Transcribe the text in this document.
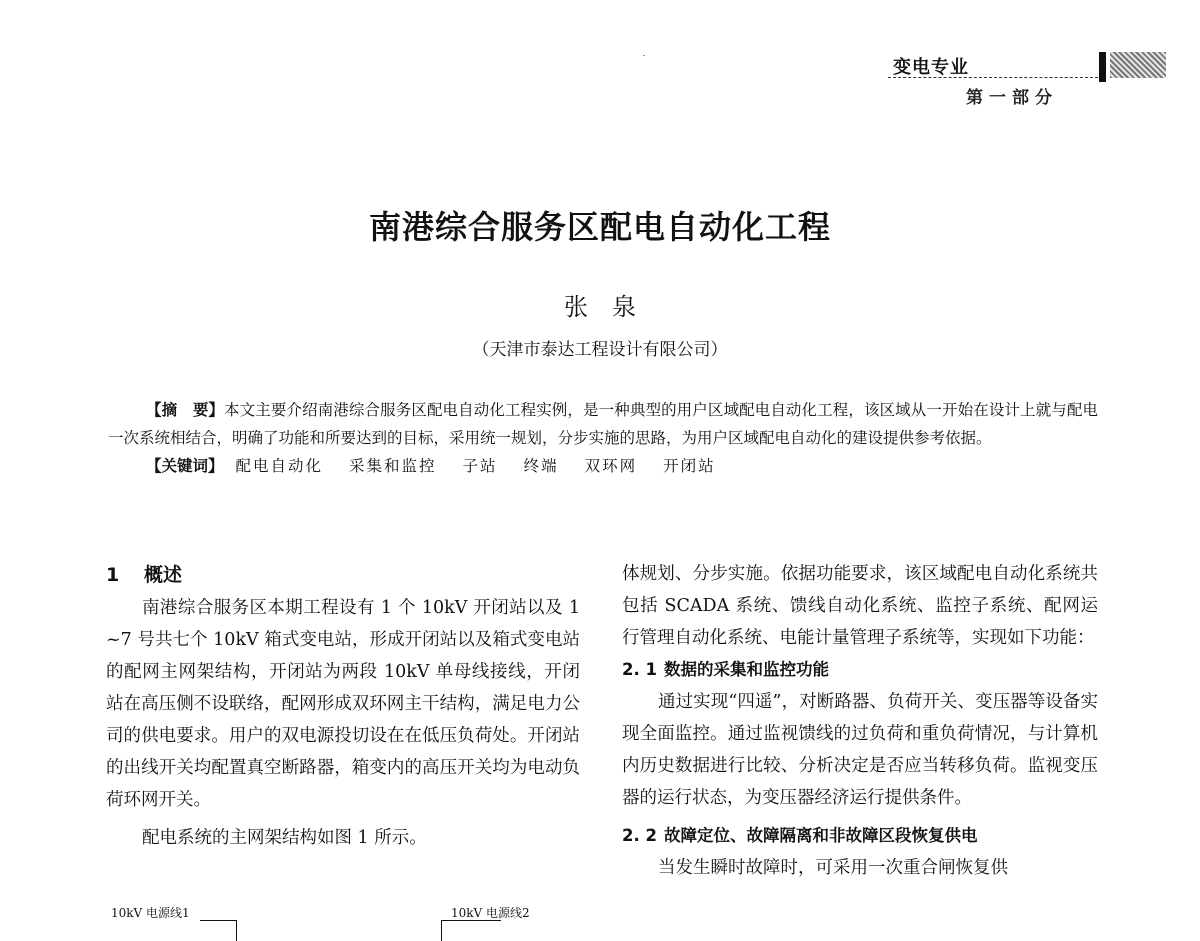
变电专业
第一部分
南港综合服务区配电自动化工程
张　泉
（天津市泰达工程设计有限公司）

【摘　要】本文主要介绍南港综合服务区配电自动化工程实例，是一种典型的用户区域配电自动化工程，该区域从一开始在设计上就与配电一次系统相结合，明确了功能和所要达到的目标，采用统一规划，分步实施的思路，为用户区域配电自动化的建设提供参考依据。

【关键词】 配电自动化 采集和监控 子站 终端 双环网 开闭站

1 概述

南港综合服务区本期工程设有 1 个 10kV 开闭站以及 1 ~7 号共七个 10kV 箱式变电站，形成开闭站以及箱式变电站的配网主网架结构，开闭站为两段 10kV 单母线接线，开闭站在高压侧不设联络，配网形成双环网主干结构，满足电力公司的供电要求。用户的双电源投切设在在低压负荷处。开闭站的出线开关均配置真空断路器，箱变内的高压开关均为电动负荷环网开关。

配电系统的主网架结构如图 1 所示。

体规划、分步实施。依据功能要求，该区域配电自动化系统共包括 SCADA 系统、馈线自动化系统、监控子系统、配网运行管理自动化系统、电能计量管理子系统等，实现如下功能：

2. 1 数据的采集和监控功能

通过实现“四遥”，对断路器、负荷开关、变压器等设备实现全面监控。通过监视馈线的过负荷和重负荷情况，与计算机内历史数据进行比较、分析决定是否应当转移负荷。监视变压器的运行状态，为变压器经济运行提供条件。

2. 2 故障定位、故障隔离和非故障区段恢复供电

当发生瞬时故障时，可采用一次重合闸恢复供

10kV 电源线1	10kV 电源线2
